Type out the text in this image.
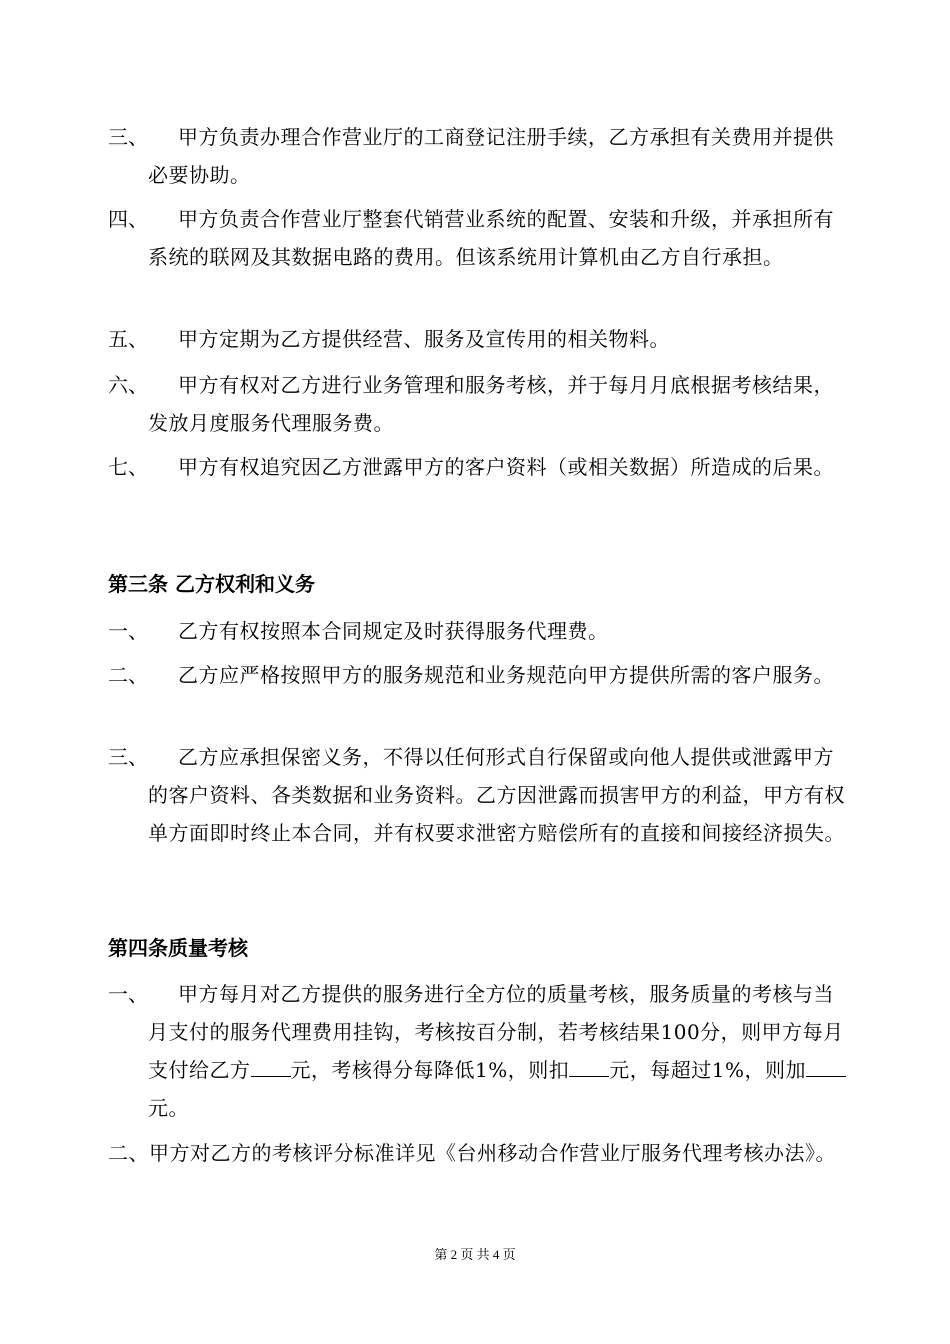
三、	甲方负责办理合作营业厅的工商登记注册手续，乙方承担有关费用并提供必要协助。
四、	甲方负责合作营业厅整套代销营业系统的配置、安装和升级，并承担所有系统的联网及其数据电路的费用。但该系统用计算机由乙方自行承担。
五、	甲方定期为乙方提供经营、服务及宣传用的相关物料。
六、	甲方有权对乙方进行业务管理和服务考核，并于每月月底根据考核结果，发放月度服务代理服务费。
七、	甲方有权追究因乙方泄露甲方的客户资料（或相关数据）所造成的后果。
第三条 乙方权利和义务
一、	乙方有权按照本合同规定及时获得服务代理费。
二、	乙方应严格按照甲方的服务规范和业务规范向甲方提供所需的客户服务。
三、	乙方应承担保密义务，不得以任何形式自行保留或向他人提供或泄露甲方的客户资料、各类数据和业务资料。乙方因泄露而损害甲方的利益，甲方有权单方面即时终止本合同，并有权要求泄密方赔偿所有的直接和间接经济损失。
第四条质量考核
一、	甲方每月对乙方提供的服务进行全方位的质量考核，服务质量的考核与当月支付的服务代理费用挂钩，考核按百分制，若考核结果100分，则甲方每月支付给乙方 元，考核得分每降低1%，则扣 元，每超过1%，则加元。
二、甲方对乙方的考核评分标准详见《台州移动合作营业厅服务代理考核办法》。
第 2 页 共 4 页
